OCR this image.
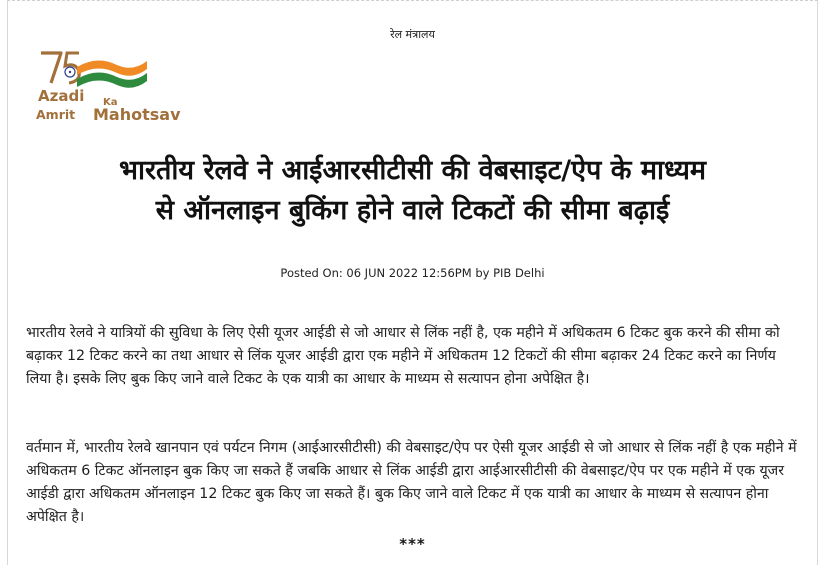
रेल मंत्रालय
Azadi Ka
Amrit Mahotsav
भारतीय रेलवे ने आईआरसीटीसी की वेबसाइट/ऐप के माध्यम
से ऑनलाइन बुकिंग होने वाले टिकटों की सीमा बढ़ाई
Posted On: 06 JUN 2022 12:56PM by PIB Delhi

भारतीय रेलवे ने यात्रियों की सुविधा के लिए ऐसी यूजर आईडी से जो आधार से लिंक नहीं है, एक महीने में अधिकतम 6 टिकट बुक करने की सीमा को बढ़ाकर 12 टिकट करने का तथा आधार से लिंक यूजर आईडी द्वारा एक महीने में अधिकतम 12 टिकटों की सीमा बढ़ाकर 24 टिकट करने का निर्णय लिया है। इसके लिए बुक किए जाने वाले टिकट के एक यात्री का आधार के माध्यम से सत्यापन होना अपेक्षित है।

वर्तमान में, भारतीय रेलवे खानपान एवं पर्यटन निगम (आईआरसीटीसी) की वेबसाइट/ऐप पर ऐसी यूजर आईडी से जो आधार से लिंक नहीं है एक महीने में अधिकतम 6 टिकट ऑनलाइन बुक किए जा सकते हैं जबकि आधार से लिंक आईडी द्वारा आईआरसीटीसी की वेबसाइट/ऐप पर एक महीने में एक यूजर आईडी द्वारा अधिकतम ऑनलाइन 12 टिकट बुक किए जा सकते हैं। बुक किए जाने वाले टिकट में एक यात्री का आधार के माध्यम से सत्यापन होना अपेक्षित है।

***
